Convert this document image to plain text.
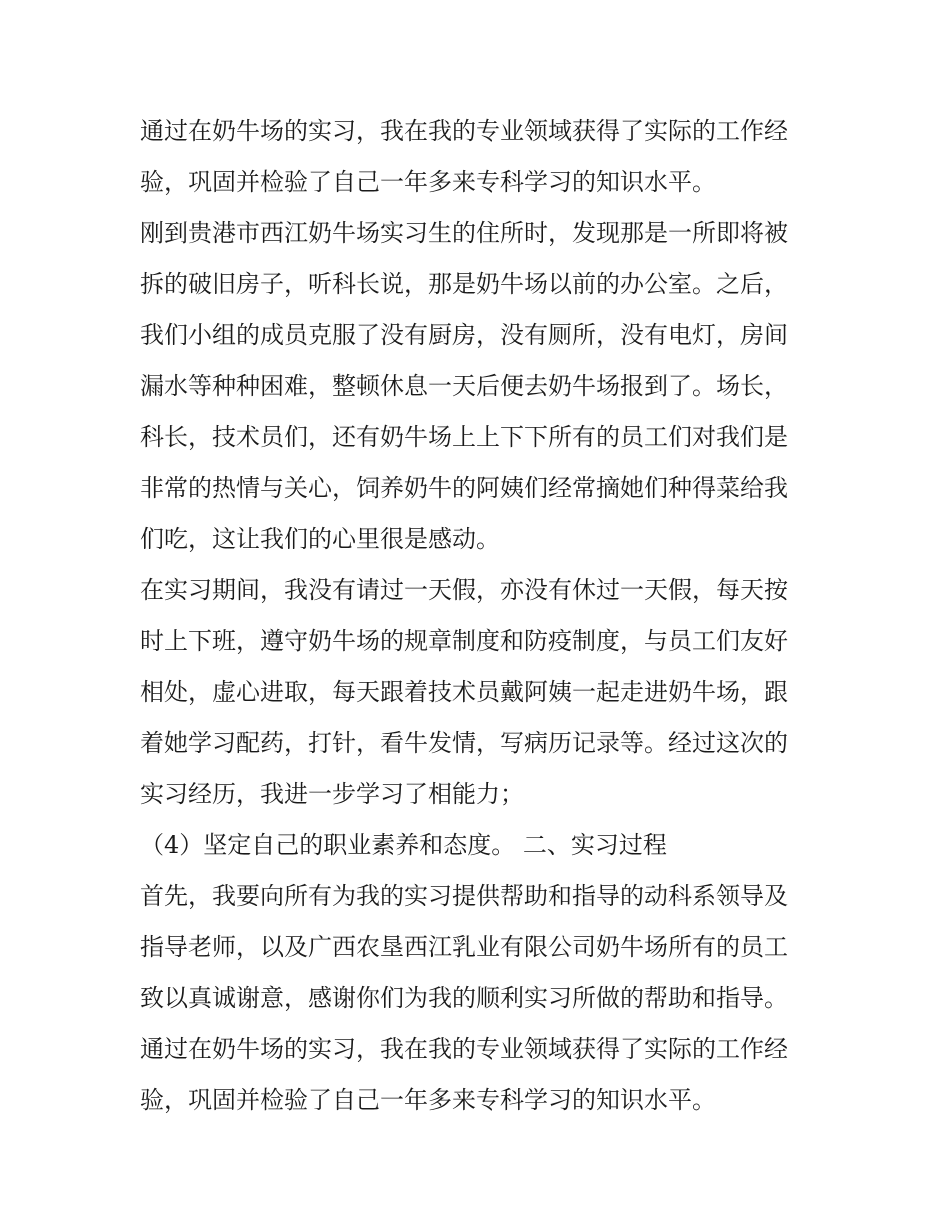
通过在奶牛场的实习，我在我的专业领域获得了实际的工作经
验，巩固并检验了自己一年多来专科学习的知识水平。
刚到贵港市西江奶牛场实习生的住所时，发现那是一所即将被
拆的破旧房子，听科长说，那是奶牛场以前的办公室。之后，
我们小组的成员克服了没有厨房，没有厕所，没有电灯，房间
漏水等种种困难，整顿休息一天后便去奶牛场报到了。场长，
科长，技术员们，还有奶牛场上上下下所有的员工们对我们是
非常的热情与关心，饲养奶牛的阿姨们经常摘她们种得菜给我
们吃，这让我们的心里很是感动。
在实习期间，我没有请过一天假，亦没有休过一天假，每天按
时上下班，遵守奶牛场的规章制度和防疫制度，与员工们友好
相处，虚心进取，每天跟着技术员戴阿姨一起走进奶牛场，跟
着她学习配药，打针，看牛发情，写病历记录等。经过这次的
实习经历，我进一步学习了相能力；
（4）坚定自己的职业素养和态度。 二、实习过程
首先，我要向所有为我的实习提供帮助和指导的动科系领导及
指导老师，以及广西农垦西江乳业有限公司奶牛场所有的员工
致以真诚谢意，感谢你们为我的顺利实习所做的帮助和指导。
通过在奶牛场的实习，我在我的专业领域获得了实际的工作经
验，巩固并检验了自己一年多来专科学习的知识水平。
